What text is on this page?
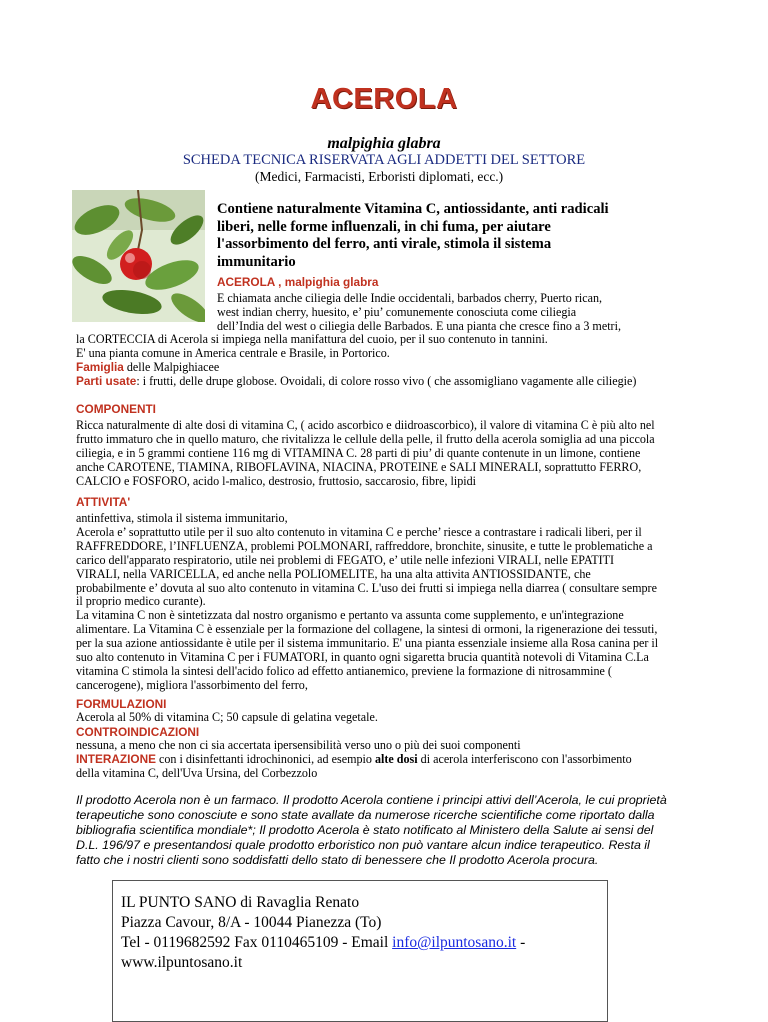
ACEROLA
malpighia glabra
SCHEDA TECNICA RISERVATA AGLI ADDETTI DEL SETTORE
(Medici, Farmacisti, Erboristi diplomati, ecc.)
Contiene naturalmente Vitamina C, antiossidante, anti radicali
liberi, nelle forme influenzali, in chi fuma, per aiutare
l'assorbimento del ferro, anti virale, stimola il sistema
immunitario
ACEROLA , malpighia glabra
E chiamata anche ciliegia delle Indie occidentali, barbados cherry, Puerto rican,
west indian cherry, huesito, e’ piu’ comunemente conosciuta come ciliegia
dell’India del west o ciliegia delle Barbados. E una pianta che cresce fino a 3 metri,
la CORTECCIA di Acerola si impiega nella manifattura del cuoio, per il suo contenuto in tannini.
E' una pianta comune in America centrale e Brasile, in Portorico.
Famiglia delle Malpighiacee
Parti usate: i frutti, delle drupe globose. Ovoidali, di colore rosso vivo ( che assomigliano vagamente alle ciliegie)
COMPONENTI
Ricca naturalmente di alte dosi di vitamina C, ( acido ascorbico e diidroascorbico), il valore di vitamina C è più alto nel
frutto immaturo che in quello maturo, che rivitalizza le cellule della pelle, il frutto della acerola somiglia ad una piccola
ciliegia, e in 5 grammi contiene 116 mg di VITAMINA C. 28 parti di piu’ di quante contenute in un limone, contiene
anche CAROTENE, TIAMINA, RIBOFLAVINA, NIACINA, PROTEINE e SALI MINERALI, soprattutto FERRO,
CALCIO e FOSFORO, acido l-malico, destrosio, fruttosio, saccarosio, fibre, lipidi
ATTIVITA'
antinfettiva, stimola il sistema immunitario,
Acerola e’ soprattutto utile per il suo alto contenuto in vitamina C e perche’ riesce a contrastare i radicali liberi, per il
RAFFREDDORE, l’INFLUENZA, problemi POLMONARI, raffreddore, bronchite, sinusite, e tutte le problematiche a
carico dell'apparato respiratorio, utile nei problemi di FEGATO, e’ utile nelle infezioni VIRALI, nelle EPATITI
VIRALI, nella VARICELLA, ed anche nella POLIOMELITE, ha una alta attivita ANTIOSSIDANTE, che
probabilmente e’ dovuta al suo alto contenuto in vitamina C. L'uso dei frutti si impiega nella diarrea ( consultare sempre
il proprio medico curante).
La vitamina C non è sintetizzata dal nostro organismo e pertanto va assunta come supplemento, e un'integrazione
alimentare. La Vitamina C è essenziale per la formazione del collagene, la sintesi di ormoni, la rigenerazione dei tessuti,
per la sua azione antiossidante è utile per il sistema immunitario. E' una pianta essenziale insieme alla Rosa canina per il
suo alto contenuto in Vitamina C per i FUMATORI, in quanto ogni sigaretta brucia quantità notevoli di Vitamina C.La
vitamina C stimola la sintesi dell'acido folico ad effetto antianemico, previene la formazione di nitrosammine (
cancerogene), migliora l'assorbimento del ferro,
FORMULAZIONI
Acerola al 50% di vitamina C; 50 capsule di gelatina vegetale.
CONTROINDICAZIONI
nessuna, a meno che non ci sia accertata ipersensibilità verso uno o più dei suoi componenti
INTERAZIONE con i disinfettanti idrochinonici, ad esempio alte dosi di acerola interferiscono con l'assorbimento
della vitamina C, dell'Uva Ursina, del Corbezzolo
Il prodotto Acerola non è un farmaco. Il prodotto Acerola contiene i principi attivi dell’Acerola, le cui proprietà
terapeutiche sono conosciute e sono state avallate da numerose ricerche scientifiche come riportato dalla
bibliografia scientifica mondiale*; Il prodotto Acerola è stato notificato al Ministero della Salute ai sensi del
D.L. 196/97 e presentandosi quale prodotto erboristico non può vantare alcun indice terapeutico. Resta il
fatto che i nostri clienti sono soddisfatti dello stato di benessere che Il prodotto Acerola procura.
IL PUNTO SANO di Ravaglia Renato
Piazza Cavour, 8/A - 10044 Pianezza (To)
Tel - 0119682592 Fax 0110465109 - Email info@ilpuntosano.it -
www.ilpuntosano.it
